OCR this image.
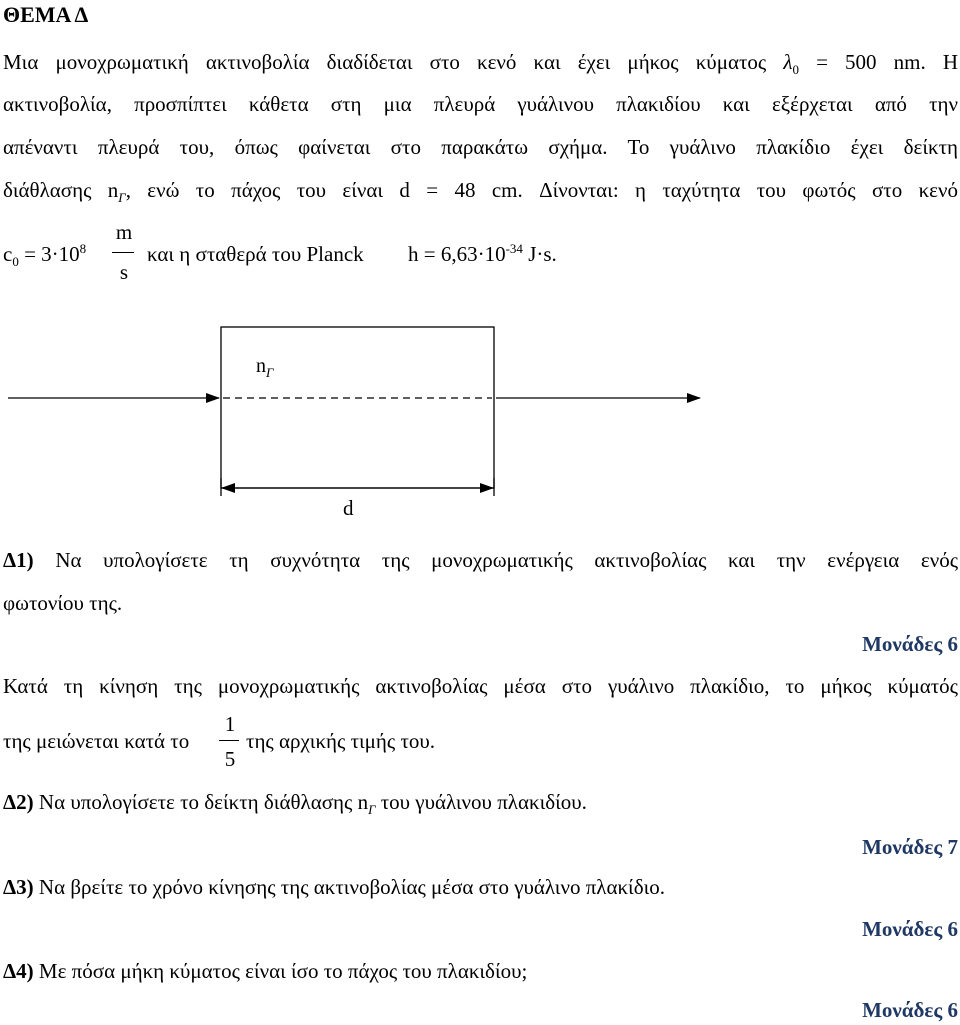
ΘΕΜΑ Δ
Μια μονοχρωματική ακτινοβολία διαδίδεται στο κενό και έχει μήκος κύματος $\lambda_0 = 500$ nm. Η
ακτινοβολία, προσπίπτει κάθετα στη μια πλευρά γυάλινου πλακιδίου και εξέρχεται από την
απέναντι πλευρά του, όπως φαίνεται στο παρακάτω σχήμα. Το γυάλινο πλακίδιο έχει δείκτη
διάθλασης $n_\Gamma$, ενώ το πάχος του είναι d = 48 cm. Δίνονται: η ταχύτητα του φωτός στο κενό
$c_0 = 3\cdot 10^8$
m
s
και η σταθερά του Planck $h = 6,63\cdot 10^{-34}$ J·s.
$n_\Gamma$
d
Δ1) Να υπολογίσετε τη συχνότητα της μονοχρωματικής ακτινοβολίας και την ενέργεια ενός
φωτονίου της.
Μονάδες 6
Κατά τη κίνηση της μονοχρωματικής ακτινοβολίας μέσα στο γυάλινο πλακίδιο, το μήκος κύματός
της μειώνεται κατά το
1
5
της αρχικής τιμής του.
Δ2) Να υπολογίσετε το δείκτη διάθλασης $n_\Gamma$ του γυάλινου πλακιδίου.
Μονάδες 7
Δ3) Να βρείτε το χρόνο κίνησης της ακτινοβολίας μέσα στο γυάλινο πλακίδιο.
Μονάδες 6
Δ4) Με πόσα μήκη κύματος είναι ίσο το πάχος του πλακιδίου;
Μονάδες 6
